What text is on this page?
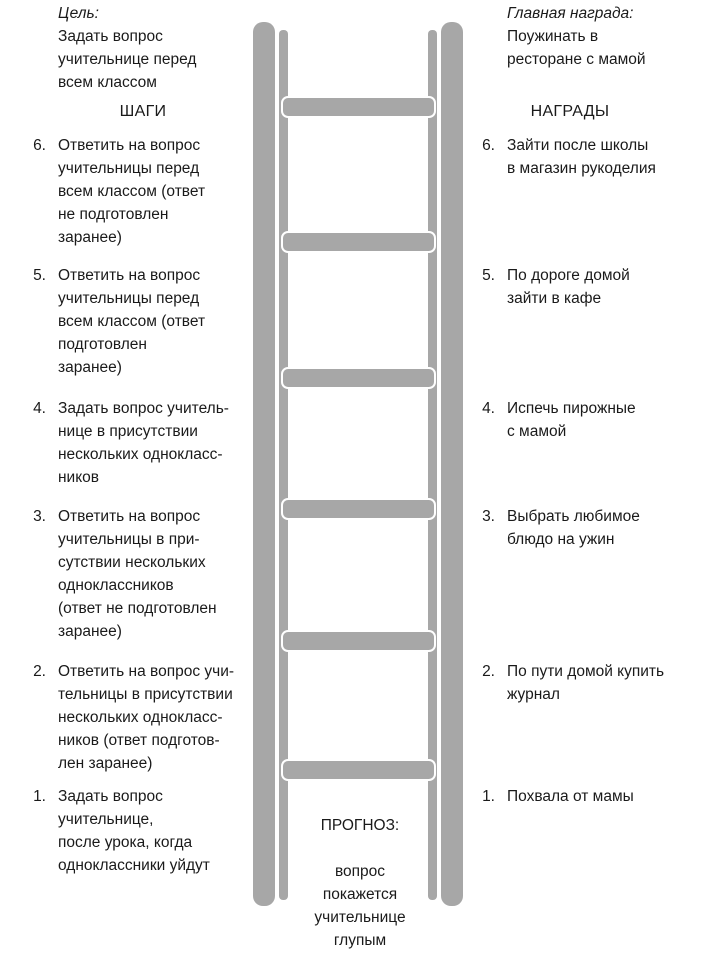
Цель:
Задать вопрос
учительнице перед
всем классом
Главная награда:
Поужинать в
ресторане с мамой
ШАГИ	НАГРАДЫ
6. Ответить на вопрос
учительницы перед
всем классом (ответ
не подготовлен
заранее)
5. Ответить на вопрос
учительницы перед
всем классом (ответ
подготовлен
заранее)
4. Задать вопрос учитель-
нице в присутствии
нескольких однокласс-
ников
3. Ответить на вопрос
учительницы в при-
сутствии нескольких
одноклассников
(ответ не подготовлен
заранее)
2. Ответить на вопрос учи-
тельницы в присутствии
нескольких однокласс-
ников (ответ подготов-
лен заранее)
1. Задать вопрос
учительнице,
после урока, когда
одноклассники уйдут
6. Зайти после школы
в магазин рукоделия
5. По дороге домой
зайти в кафе
4. Испечь пирожные
с мамой
3. Выбрать любимое
блюдо на ужин
2. По пути домой купить
журнал
1. Похвала от мамы

ПРОГНОЗ:

вопрос
покажется
учительнице
глупым
